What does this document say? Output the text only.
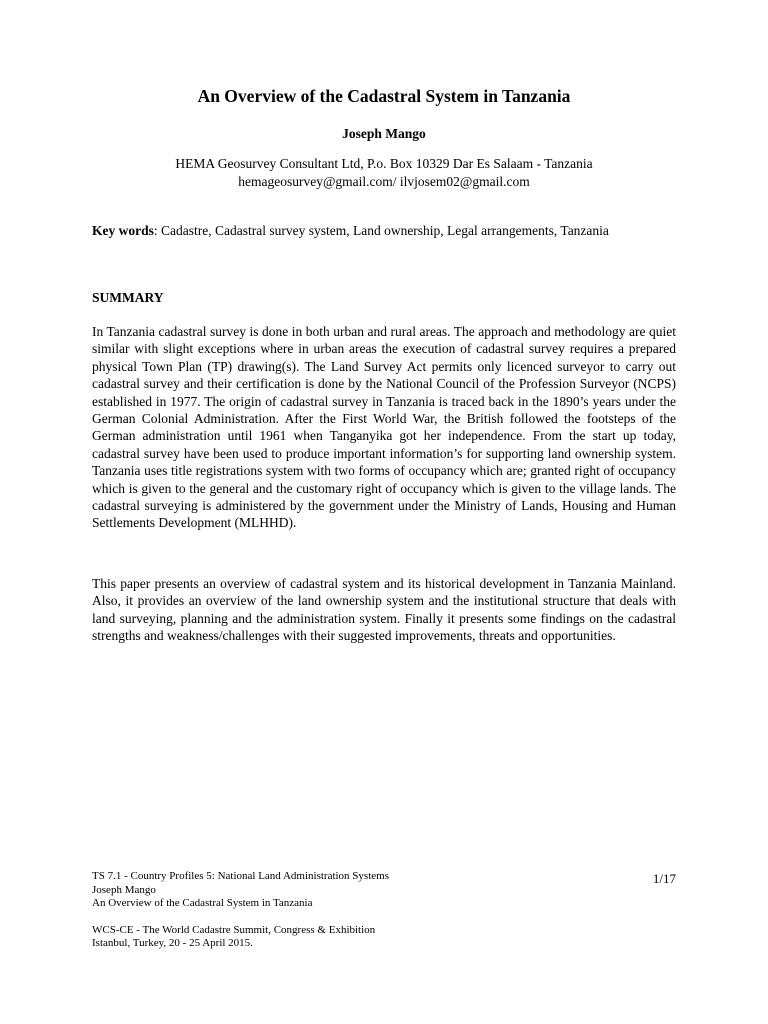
An Overview of the Cadastral System in Tanzania
Joseph Mango
HEMA Geosurvey Consultant Ltd, P.o. Box 10329 Dar Es Salaam - Tanzania
hemageosurvey@gmail.com/ ilvjosem02@gmail.com
Key words: Cadastre, Cadastral survey system, Land ownership, Legal arrangements, Tanzania
SUMMARY

In Tanzania cadastral survey is done in both urban and rural areas. The approach and methodology are quiet similar with slight exceptions where in urban areas the execution of cadastral survey requires a prepared physical Town Plan (TP) drawing(s). The Land Survey Act permits only licenced surveyor to carry out cadastral survey and their certification is done by the National Council of the Profession Surveyor (NCPS) established in 1977. The origin of cadastral survey in Tanzania is traced back in the 1890’s years under the German Colonial Administration. After the First World War, the British followed the footsteps of the German administration until 1961 when Tanganyika got her independence. From the start up today, cadastral survey have been used to produce important information’s for supporting land ownership system. Tanzania uses title registrations system with two forms of occupancy which are; granted right of occupancy which is given to the general and the customary right of occupancy which is given to the village lands. The cadastral surveying is administered by the government under the Ministry of Lands, Housing and Human Settlements Development (MLHHD).

This paper presents an overview of cadastral system and its historical development in Tanzania Mainland. Also, it provides an overview of the land ownership system and the institutional structure that deals with land surveying, planning and the administration system. Finally it presents some findings on the cadastral strengths and weakness/challenges with their suggested improvements, threats and opportunities.

TS 7.1 - Country Profiles 5: National Land Administration Systems
Joseph Mango
An Overview of the Cadastral System in Tanzania
WCS-CE - The World Cadastre Summit, Congress & Exhibition
Istanbul, Turkey, 20 - 25 April 2015.
1/17
